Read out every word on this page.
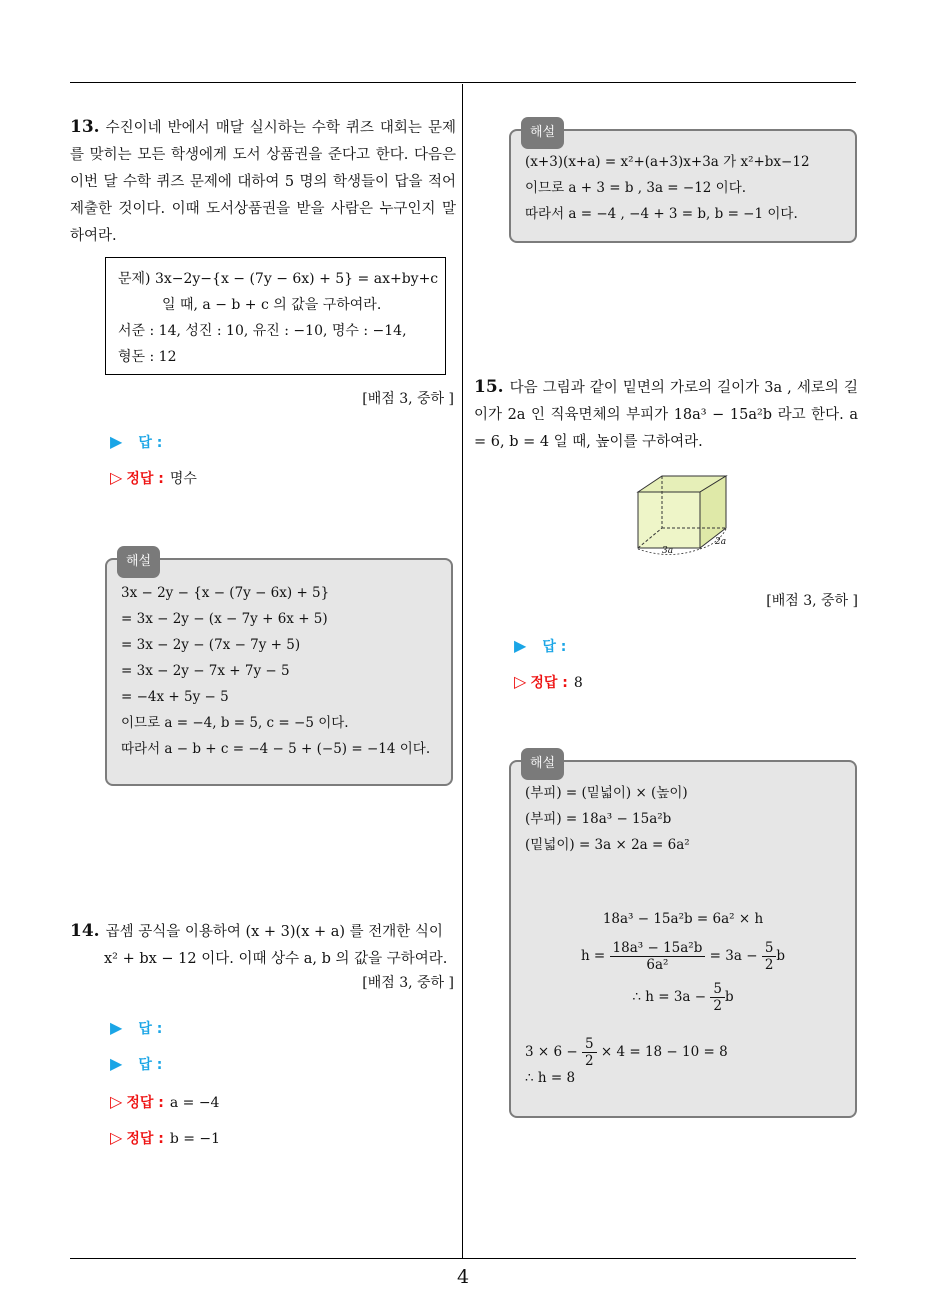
4
13. 수진이네 반에서 매달 실시하는 수학 퀴즈 대회는 문제를 맞히는 모든 학생에게 도서 상품권을 준다고 한다. 다음은 이번 달 수학 퀴즈 문제에 대하여 5 명의 학생들이 답을 적어 제출한 것이다. 이때 도서상품권을 받을 사람은 누구인지 말하여라.
문제) 3x−2y−{x − (7y − 6x) + 5} = ax+by+c
일 때, a − b + c 의 값을 구하여라.
서준 : 14, 성진 : 10, 유진 : −10, 명수 : −14,
형돈 : 12
[배점 3, 중하 ]
▶ 답 :
▷ 정답 : 명수
해설
3x − 2y − {x − (7y − 6x) + 5}
= 3x − 2y − (x − 7y + 6x + 5)
= 3x − 2y − (7x − 7y + 5)
= 3x − 2y − 7x + 7y − 5
= −4x + 5y − 5
이므로 a = −4, b = 5, c = −5 이다.
따라서 a − b + c = −4 − 5 + (−5) = −14 이다.
14. 곱셈 공식을 이용하여 (x + 3)(x + a) 를 전개한 식이
x² + bx − 12 이다. 이때 상수 a, b 의 값을 구하여라.
[배점 3, 중하 ]
▶ 답 :
▶ 답 :
▷ 정답 : a = −4
▷ 정답 : b = −1
해설
(x+3)(x+a) = x²+(a+3)x+3a 가 x²+bx−12
이므로 a + 3 = b , 3a = −12 이다.
따라서 a = −4 , −4 + 3 = b, b = −1 이다.
15. 다음 그림과 같이 밑면의 가로의 길이가 3a , 세로의 길이가 2a 인 직육면체의 부피가 18a³ − 15a²b 라고 한다. a = 6, b = 4 일 때, 높이를 구하여라.
3a
2a
[배점 3, 중하 ]
▶ 답 :
▷ 정답 : 8
해설
(부피) = (밑넓이) × (높이)
(부피) = 18a³ − 15a²b
(밑넓이) = 3a × 2a = 6a²
18a³ − 15a²b = 6a² × h
$h = \frac{\text{18a³ − 15a²b}}{\text{6a²}} = 3a - \frac{5}{2}$ b
∴ $h = 3a - \frac{5}{2}$ b
$3 \times 6 - \frac{5}{2} \times 4 = 18 - 10 = 8$
∴ h = 8
